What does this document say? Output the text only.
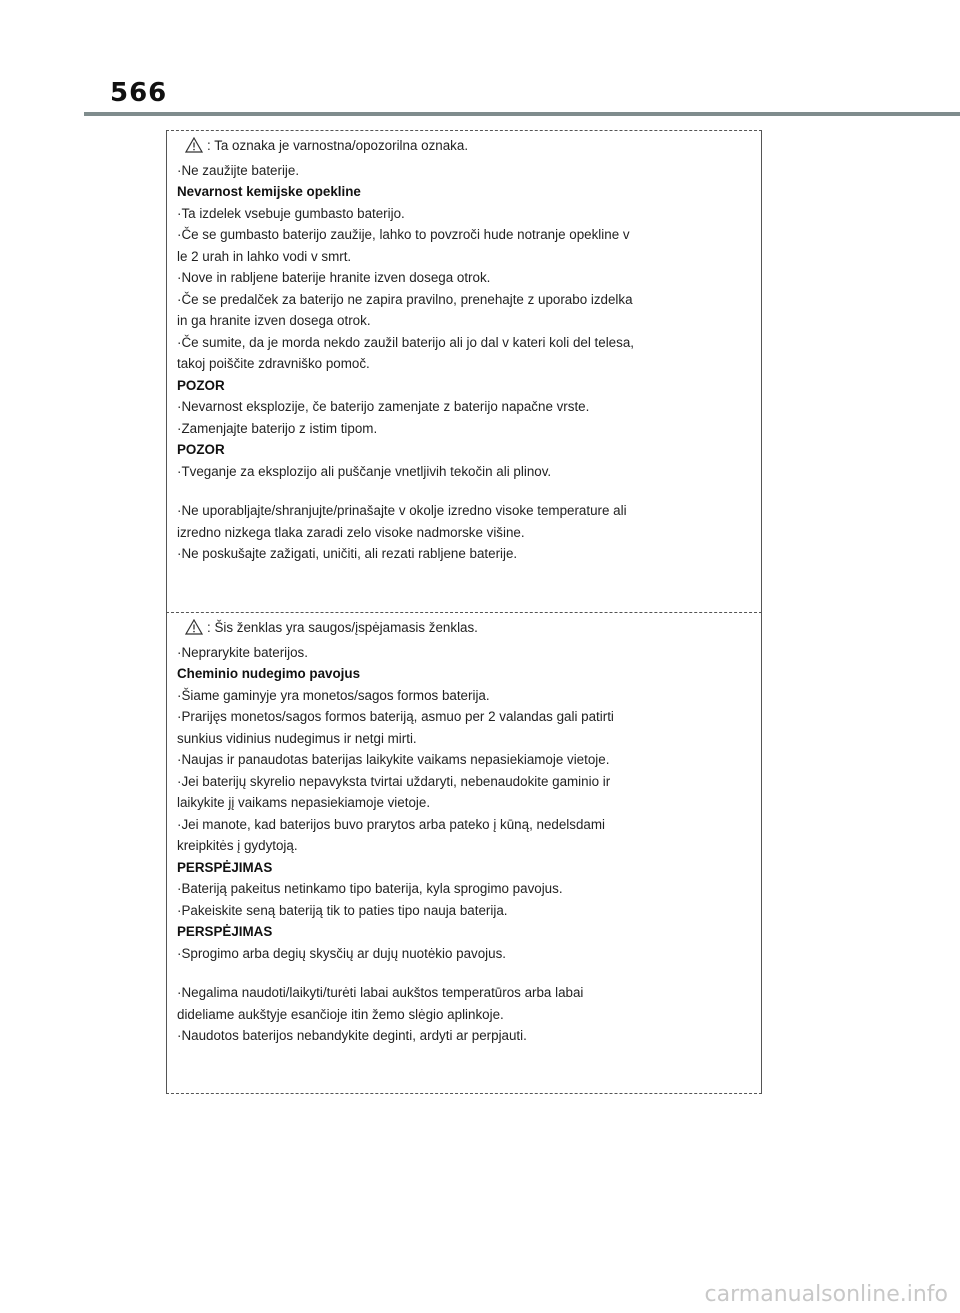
566
: Ta oznaka je varnostna/opozorilna oznaka.
·Ne zaužijte baterije.
Nevarnost kemijske opekline
·Ta izdelek vsebuje gumbasto baterijo.
·Če se gumbasto baterijo zaužije, lahko to povzroči hude notranje opekline v
le 2 urah in lahko vodi v smrt.
·Nove in rabljene baterije hranite izven dosega otrok.
·Če se predalček za baterijo ne zapira pravilno, prenehajte z uporabo izdelka
in ga hranite izven dosega otrok.
·Če sumite, da je morda nekdo zaužil baterijo ali jo dal v kateri koli del telesa,
takoj poiščite zdravniško pomoč.
POZOR
·Nevarnost eksplozije, če baterijo zamenjate z baterijo napačne vrste.
·Zamenjajte baterijo z istim tipom.
POZOR
·Tveganje za eksplozijo ali puščanje vnetljivih tekočin ali plinov.
·Ne uporabljajte/shranjujte/prinašajte v okolje izredno visoke temperature ali
izredno nizkega tlaka zaradi zelo visoke nadmorske višine.
·Ne poskušajte zažigati, uničiti, ali rezati rabljene baterije.
: Šis ženklas yra saugos/įspėjamasis ženklas.
·Neprarykite baterijos.
Cheminio nudegimo pavojus
·Šiame gaminyje yra monetos/sagos formos baterija.
·Prarijęs monetos/sagos formos bateriją, asmuo per 2 valandas gali patirti
sunkius vidinius nudegimus ir netgi mirti.
·Naujas ir panaudotas baterijas laikykite vaikams nepasiekiamoje vietoje.
·Jei baterijų skyrelio nepavyksta tvirtai uždaryti, nebenaudokite gaminio ir
laikykite jį vaikams nepasiekiamoje vietoje.
·Jei manote, kad baterijos buvo prarytos arba pateko į kūną, nedelsdami
kreipkitės į gydytoją.
PERSPĖJIMAS
·Bateriją pakeitus netinkamo tipo baterija, kyla sprogimo pavojus.
·Pakeiskite seną bateriją tik to paties tipo nauja baterija.
PERSPĖJIMAS
·Sprogimo arba degių skysčių ar dujų nuotėkio pavojus.
·Negalima naudoti/laikyti/turėti labai aukštos temperatūros arba labai
dideliame aukštyje esančioje itin žemo slėgio aplinkoje.
·Naudotos baterijos nebandykite deginti, ardyti ar perpjauti.
carmanualsonline.info
